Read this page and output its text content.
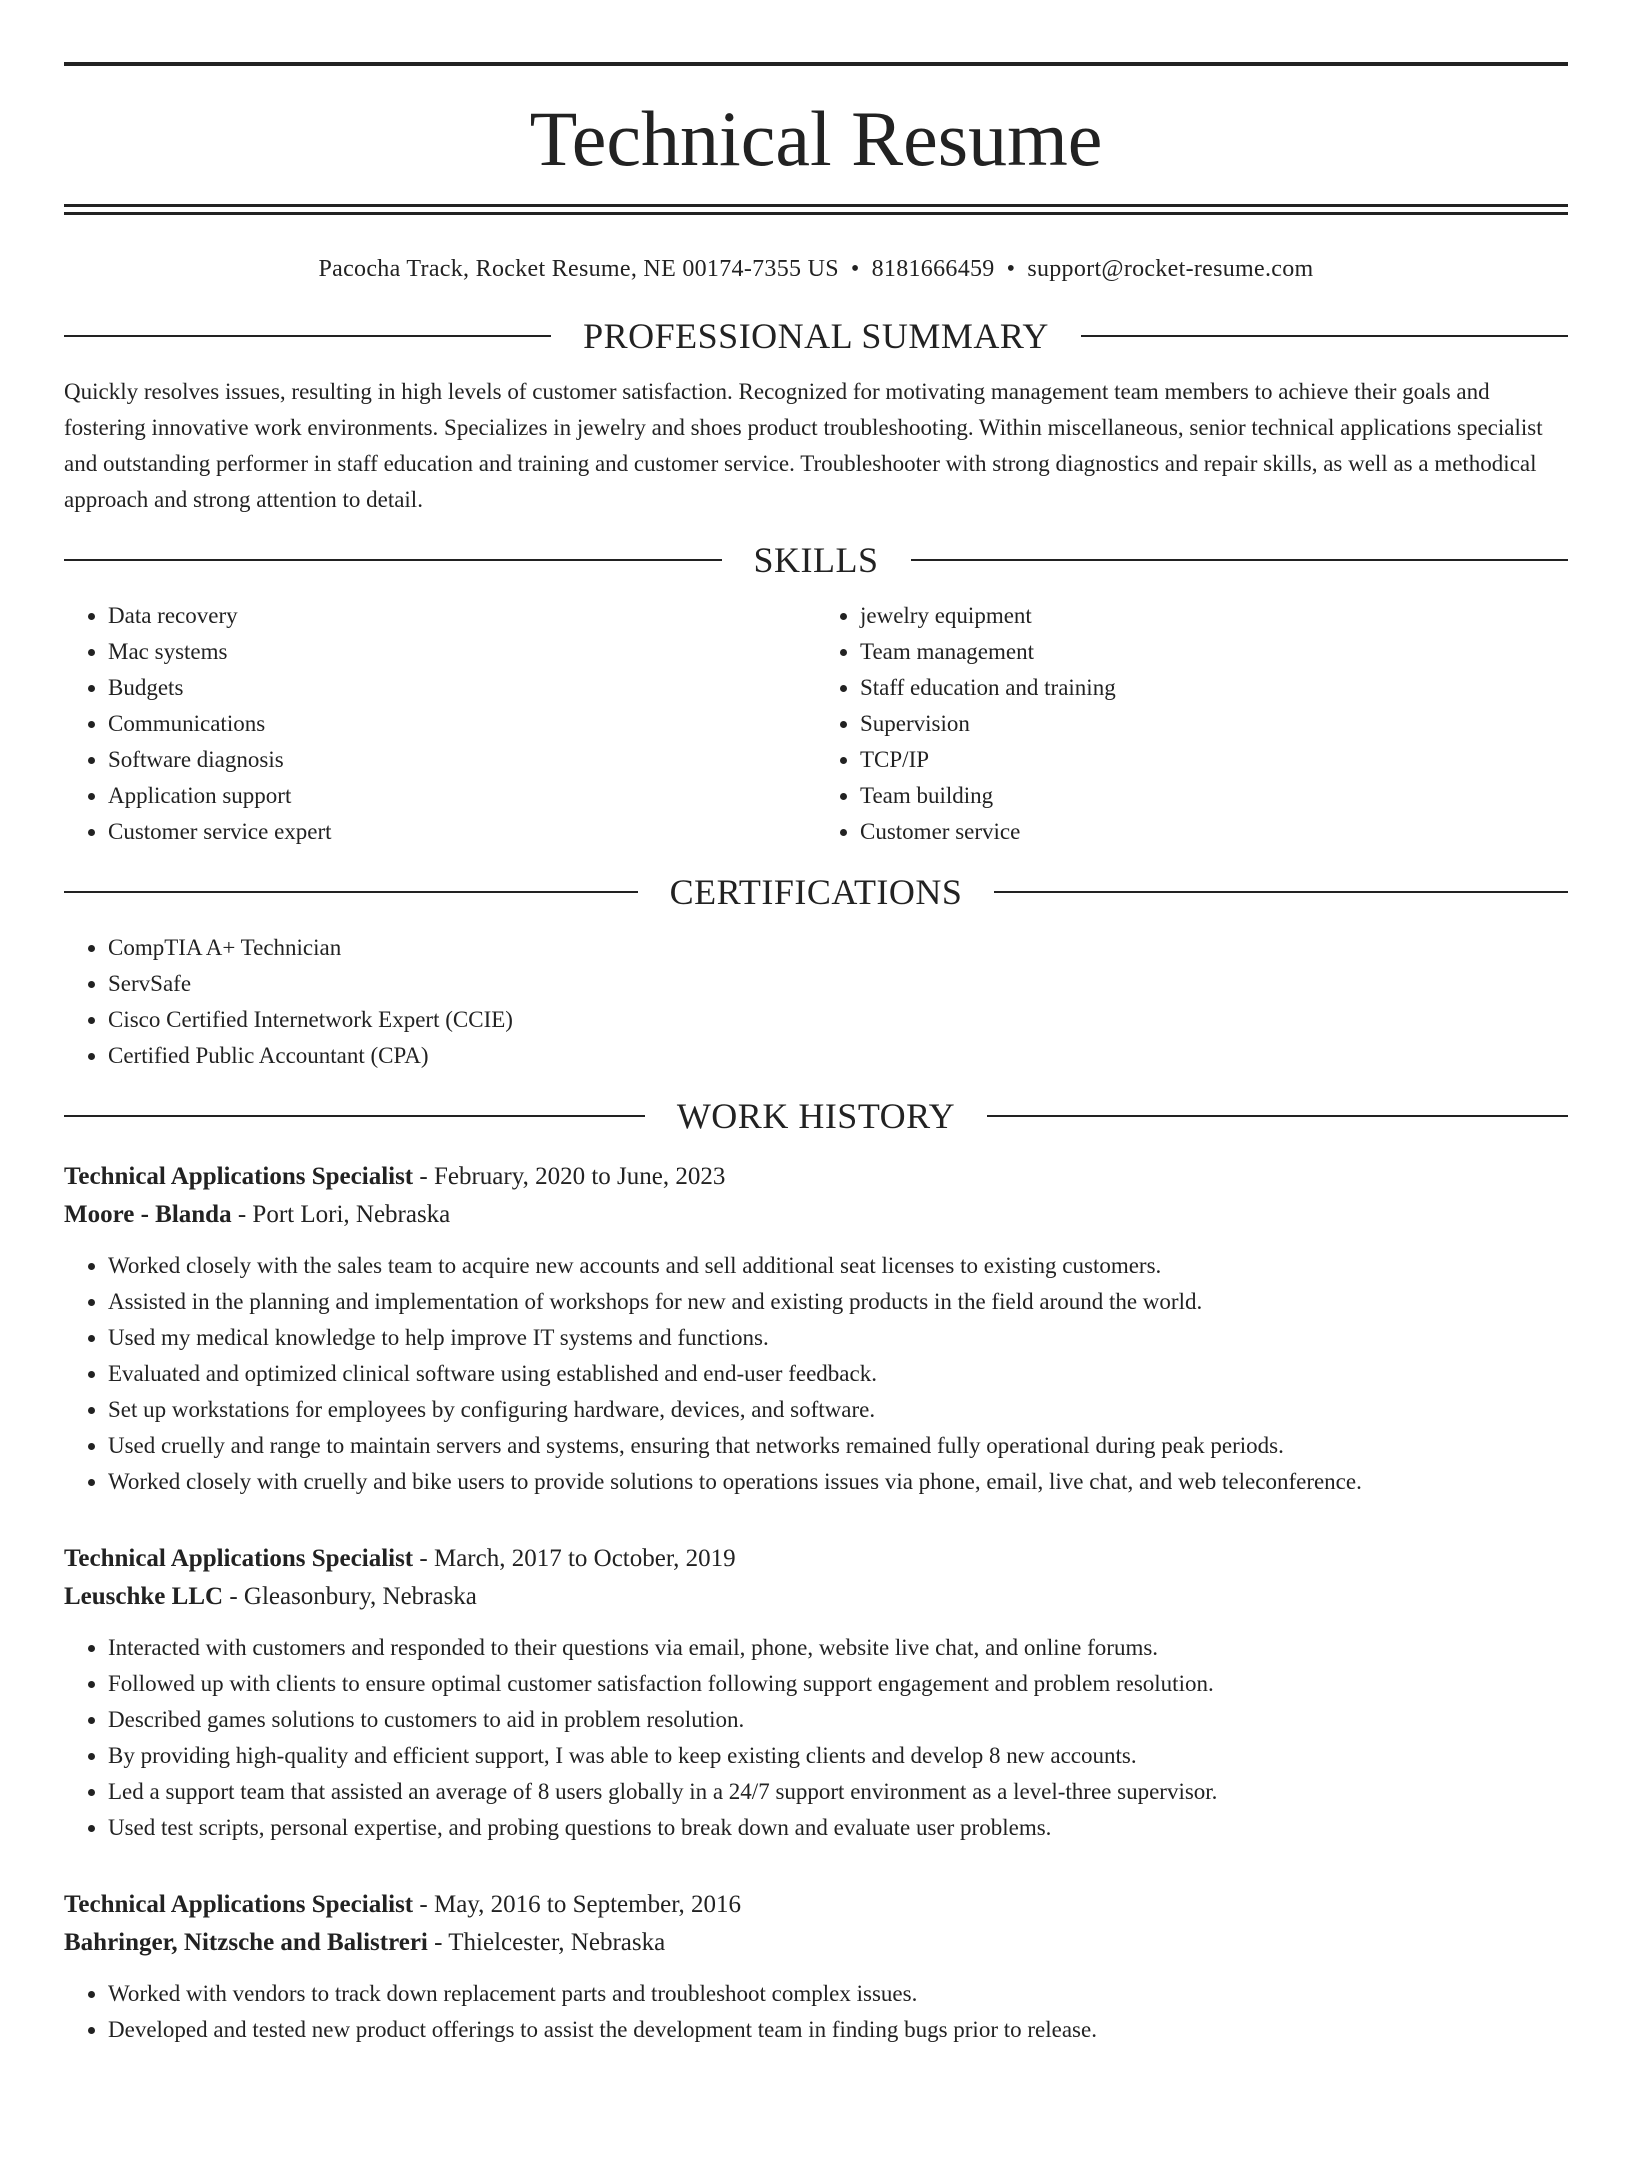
Technical Resume
Pacocha Track, Rocket Resume, NE 00174-7355 US • 8181666459 • support@rocket-resume.com
PROFESSIONAL SUMMARY
Quickly resolves issues, resulting in high levels of customer satisfaction. Recognized for motivating management team members to achieve their goals and fostering innovative work environments. Specializes in jewelry and shoes product troubleshooting. Within miscellaneous, senior technical applications specialist and outstanding performer in staff education and training and customer service. Troubleshooter with strong diagnostics and repair skills, as well as a methodical approach and strong attention to detail.
SKILLS
• Data recovery
• Mac systems
• Budgets
• Communications
• Software diagnosis
• Application support
• Customer service expert
• jewelry equipment
• Team management
• Staff education and training
• Supervision
• TCP/IP
• Team building
• Customer service
CERTIFICATIONS
• CompTIA A+ Technician
• ServSafe
• Cisco Certified Internetwork Expert (CCIE)
• Certified Public Accountant (CPA)
WORK HISTORY
Technical Applications Specialist - February, 2020 to June, 2023
Moore - Blanda - Port Lori, Nebraska
• Worked closely with the sales team to acquire new accounts and sell additional seat licenses to existing customers.
• Assisted in the planning and implementation of workshops for new and existing products in the field around the world.
• Used my medical knowledge to help improve IT systems and functions.
• Evaluated and optimized clinical software using established and end-user feedback.
• Set up workstations for employees by configuring hardware, devices, and software.
• Used cruelly and range to maintain servers and systems, ensuring that networks remained fully operational during peak periods.
• Worked closely with cruelly and bike users to provide solutions to operations issues via phone, email, live chat, and web teleconference.
Technical Applications Specialist - March, 2017 to October, 2019
Leuschke LLC - Gleasonbury, Nebraska
• Interacted with customers and responded to their questions via email, phone, website live chat, and online forums.
• Followed up with clients to ensure optimal customer satisfaction following support engagement and problem resolution.
• Described games solutions to customers to aid in problem resolution.
• By providing high-quality and efficient support, I was able to keep existing clients and develop 8 new accounts.
• Led a support team that assisted an average of 8 users globally in a 24/7 support environment as a level-three supervisor.
• Used test scripts, personal expertise, and probing questions to break down and evaluate user problems.
Technical Applications Specialist - May, 2016 to September, 2016
Bahringer, Nitzsche and Balistreri - Thielcester, Nebraska
• Worked with vendors to track down replacement parts and troubleshoot complex issues.
• Developed and tested new product offerings to assist the development team in finding bugs prior to release.
